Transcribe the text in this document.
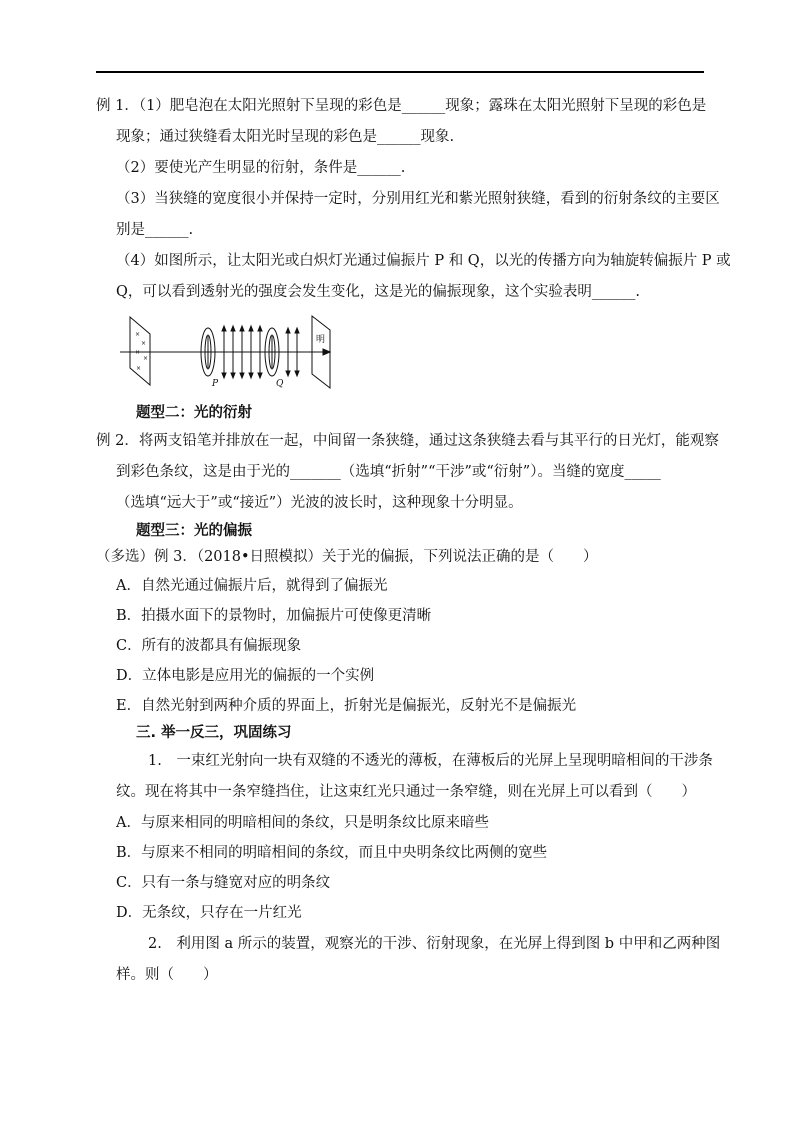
例 1．（1）肥皂泡在太阳光照射下呈现的彩色是______现象；露珠在太阳光照射下呈现的彩色是
现象；通过狭缝看太阳光时呈现的彩色是______现象.
（2）要使光产生明显的衍射，条件是______.
（3）当狭缝的宽度很小并保持一定时，分别用红光和紫光照射狭缝，看到的衍射条纹的主要区
别是______.
（4）如图所示，让太阳光或白炽灯光通过偏振片 P 和 Q，以光的传播方向为轴旋转偏振片 P 或
Q，可以看到透射光的强度会发生变化，这是光的偏振现象，这个实验表明______.
×
×
×
×
×
P	Q
明
题型二：光的衍射
例 2．将两支铅笔并排放在一起，中间留一条狭缝，通过这条狭缝去看与其平行的日光灯，能观察
到彩色条纹，这是由于光的_______（选填“折射”“干涉”或“衍射”）。当缝的宽度_____
（选填“远大于”或“接近”）光波的波长时，这种现象十分明显。
题型三：光的偏振
（多选）例 3．（2018•日照模拟）关于光的偏振，下列说法正确的是（　　）
A．自然光通过偏振片后，就得到了偏振光
B．拍摄水面下的景物时，加偏振片可使像更清晰
C．所有的波都具有偏振现象
D．立体电影是应用光的偏振的一个实例
E．自然光射到两种介质的界面上，折射光是偏振光，反射光不是偏振光
三. 举一反三，巩固练习
1.　一束红光射向一块有双缝的不透光的薄板，在薄板后的光屏上呈现明暗相间的干涉条
纹。现在将其中一条窄缝挡住，让这束红光只通过一条窄缝，则在光屏上可以看到（　　）
A．与原来相同的明暗相间的条纹，只是明条纹比原来暗些
B．与原来不相同的明暗相间的条纹，而且中央明条纹比两侧的宽些
C．只有一条与缝宽对应的明条纹
D．无条纹，只存在一片红光
2.　利用图 a 所示的装置，观察光的干涉、衍射现象，在光屏上得到图 b 中甲和乙两种图
样。则（　　）
